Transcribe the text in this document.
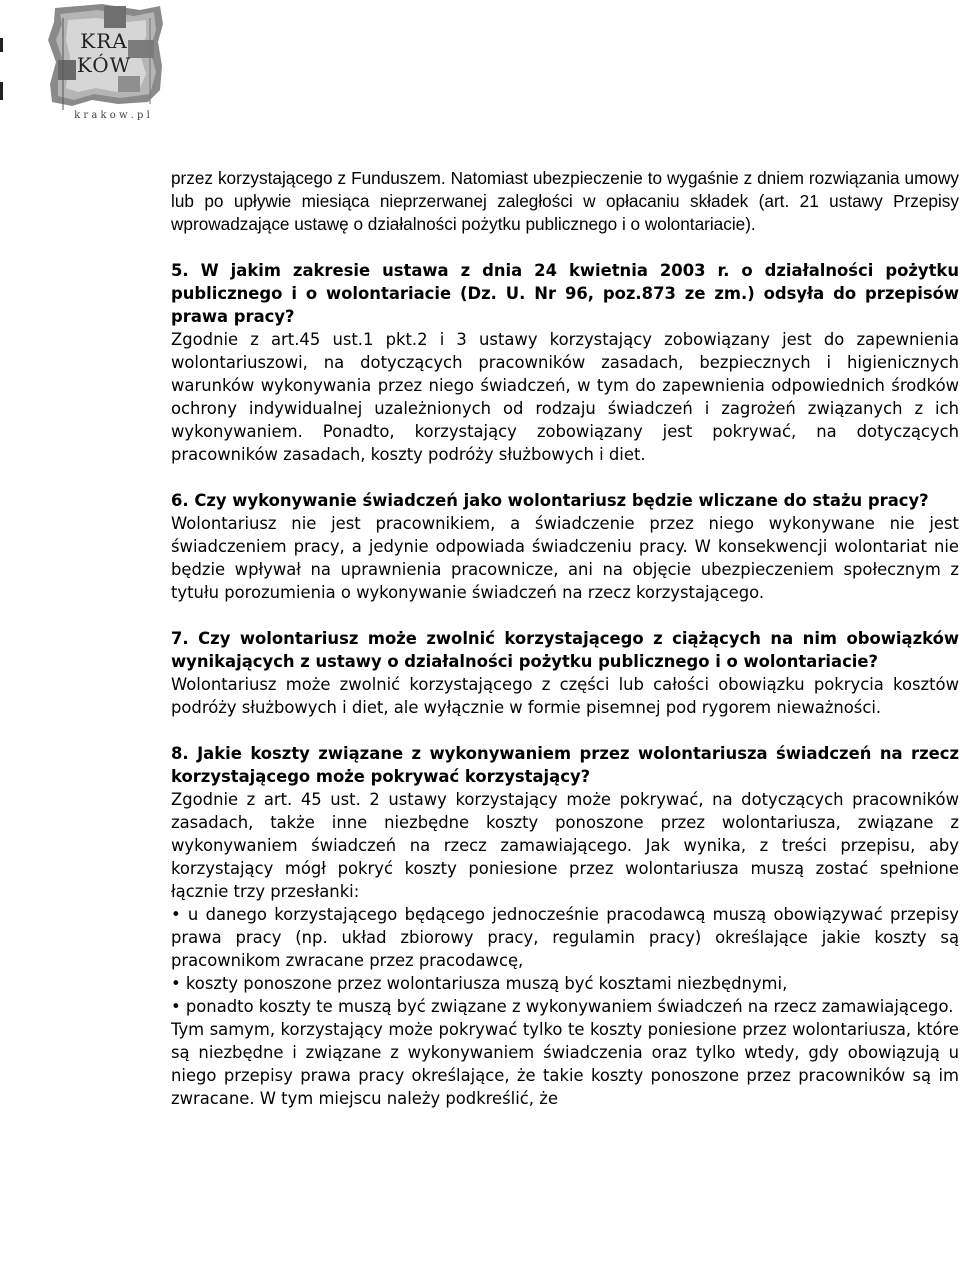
KRA
KÓW
k r a k o w . p l

przez korzystającego z Funduszem. Natomiast ubezpieczenie to wygaśnie z dniem rozwiązania umowy lub po upływie miesiąca nieprzerwanej zaległości w opłacaniu składek (art. 21 ustawy Przepisy wprowadzające ustawę o działalności pożytku publicznego i o wolontariacie).

5. W jakim zakresie ustawa z dnia 24 kwietnia 2003 r. o działalności pożytku publicznego i o wolontariacie (Dz. U. Nr 96, poz.873 ze zm.) odsyła do przepisów prawa pracy?

Zgodnie z art.45 ust.1 pkt.2 i 3 ustawy korzystający zobowiązany jest do zapewnienia wolontariuszowi, na dotyczących pracowników zasadach, bezpiecznych i higienicznych warunków wykonywania przez niego świadczeń, w tym do zapewnienia odpowiednich środków ochrony indywidualnej uzależnionych od rodzaju świadczeń i zagrożeń związanych z ich wykonywaniem. Ponadto, korzystający zobowiązany jest pokrywać, na dotyczących pracowników zasadach, koszty podróży służbowych i diet.

6. Czy wykonywanie świadczeń jako wolontariusz będzie wliczane do stażu pracy?

Wolontariusz nie jest pracownikiem, a świadczenie przez niego wykonywane nie jest świadczeniem pracy, a jedynie odpowiada świadczeniu pracy. W konsekwencji wolontariat nie będzie wpływał na uprawnienia pracownicze, ani na objęcie ubezpieczeniem społecznym z tytułu porozumienia o wykonywanie świadczeń na rzecz korzystającego.

7. Czy wolontariusz może zwolnić korzystającego z ciążących na nim obowiązków wynikających z ustawy o działalności pożytku publicznego i o wolontariacie?

Wolontariusz może zwolnić korzystającego z części lub całości obowiązku pokrycia kosztów podróży służbowych i diet, ale wyłącznie w formie pisemnej pod rygorem nieważności.

8. Jakie koszty związane z wykonywaniem przez wolontariusza świadczeń na rzecz korzystającego może pokrywać korzystający?

Zgodnie z art. 45 ust. 2 ustawy korzystający może pokrywać, na dotyczących pracowników zasadach, także inne niezbędne koszty ponoszone przez wolontariusza, związane z wykonywaniem świadczeń na rzecz zamawiającego. Jak wynika, z treści przepisu, aby korzystający mógł pokryć koszty poniesione przez wolontariusza muszą zostać spełnione łącznie trzy przesłanki:

• u danego korzystającego będącego jednocześnie pracodawcą muszą obowiązywać przepisy prawa pracy (np. układ zbiorowy pracy, regulamin pracy) określające jakie koszty są pracownikom zwracane przez pracodawcę,

• koszty ponoszone przez wolontariusza muszą być kosztami niezbędnymi,

• ponadto koszty te muszą być związane z wykonywaniem świadczeń na rzecz zamawiającego.

Tym samym, korzystający może pokrywać tylko te koszty poniesione przez wolontariusza, które są niezbędne i związane z wykonywaniem świadczenia oraz tylko wtedy, gdy obowiązują u niego przepisy prawa pracy określające, że takie koszty ponoszone przez pracowników są im zwracane. W tym miejscu należy podkreślić, że
